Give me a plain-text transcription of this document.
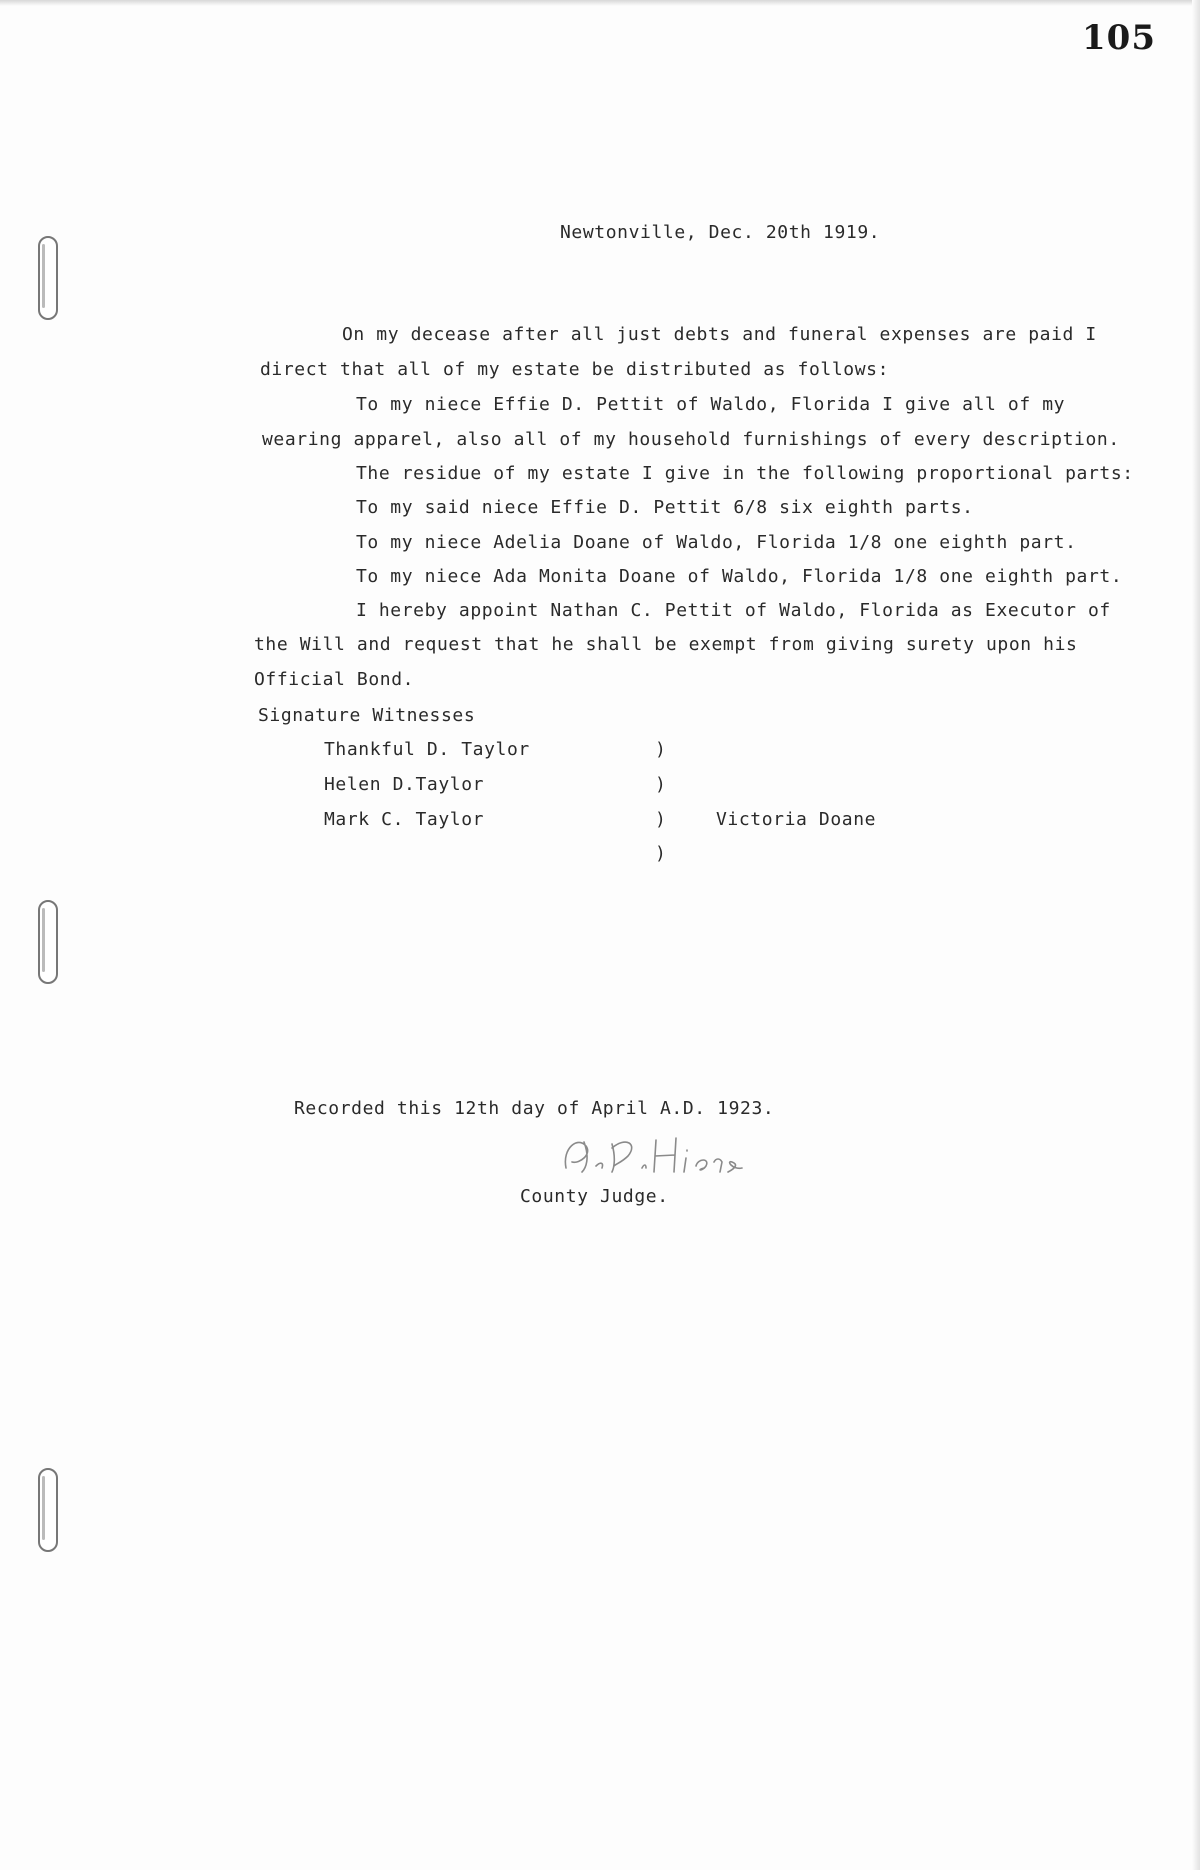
105
Newtonville, Dec. 20th 1919.
On my decease after all just debts and funeral expenses are paid I
direct that all of my estate be distributed as follows:
To my niece Effie D. Pettit of Waldo, Florida I give all of my
wearing apparel, also all of my household furnishings of every description.
The residue of my estate I give in the following proportional parts:
To my said niece Effie D. Pettit 6/8 six eighth parts.
To my niece Adelia Doane of Waldo, Florida 1/8 one eighth part.
To my niece Ada Monita Doane of Waldo, Florida 1/8 one eighth part.
I hereby appoint Nathan C. Pettit of Waldo, Florida as Executor of
the Will and request that he shall be exempt from giving surety upon his
Official Bond.
Signature Witnesses
Thankful D. Taylor
Helen D.Taylor
Mark C. Taylor
)
)
)
)
Victoria Doane
Recorded this 12th day of April A.D. 1923.
County Judge.
